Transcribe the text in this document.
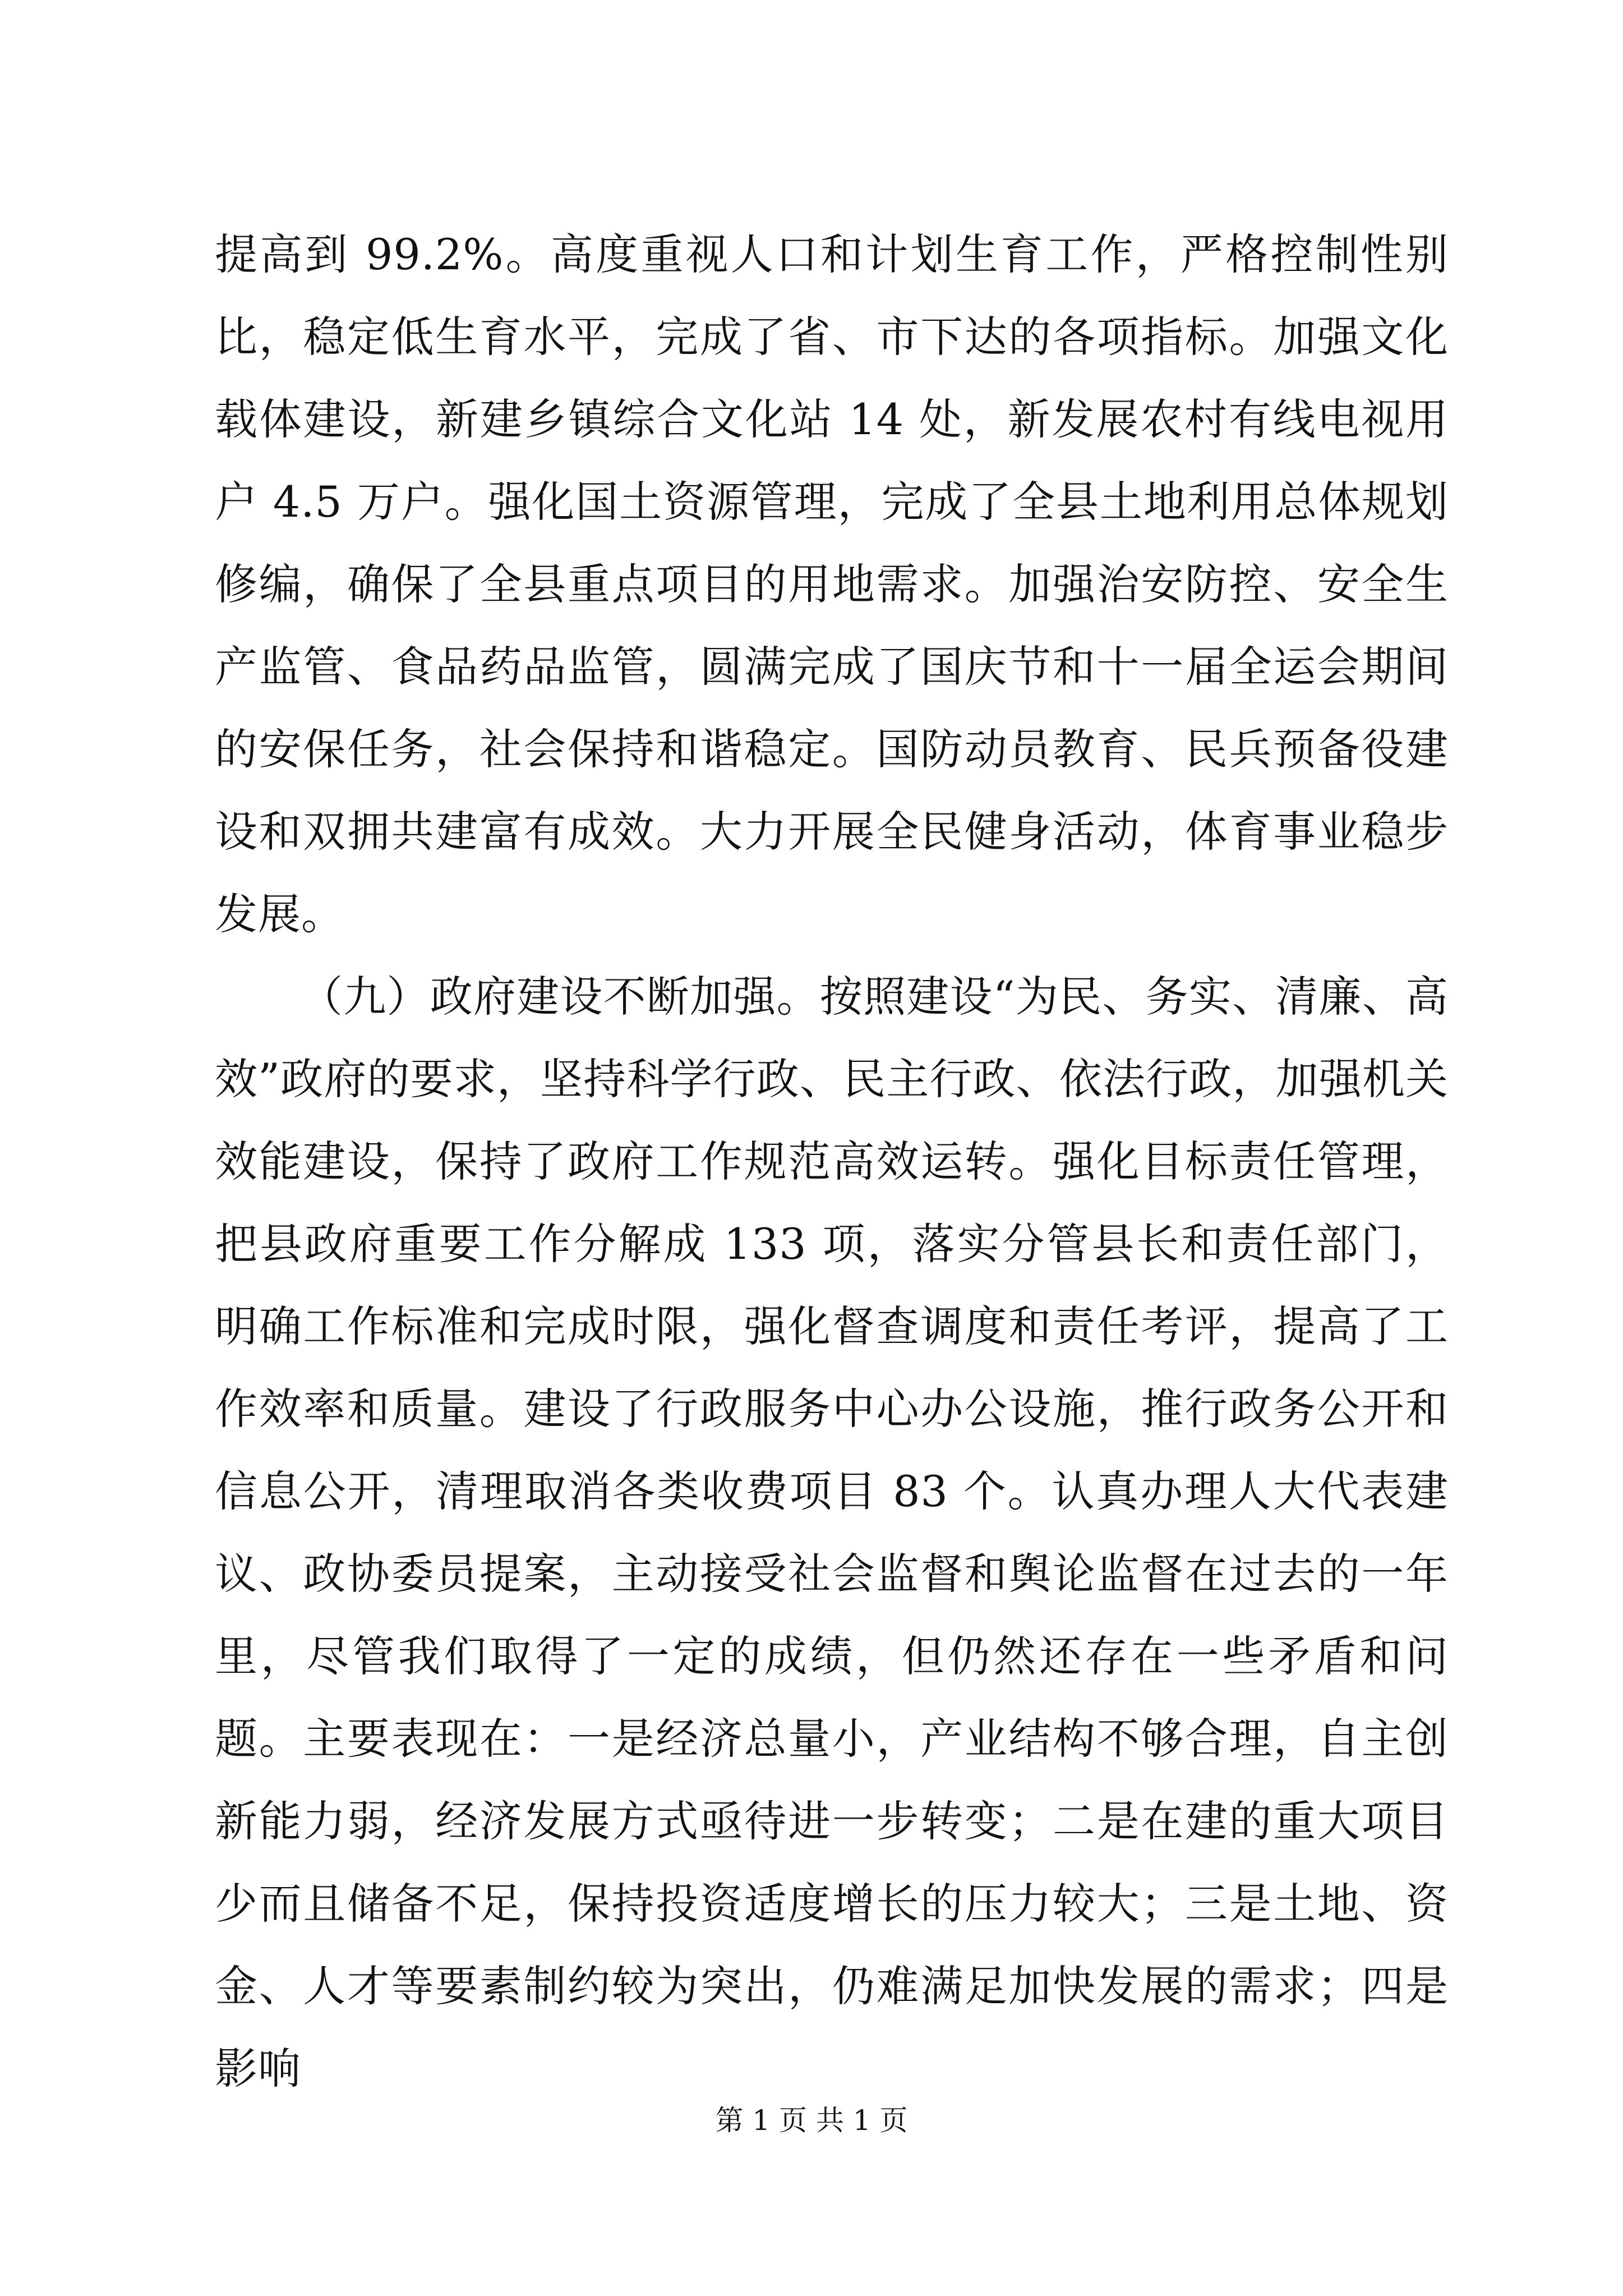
提高到 99.2%。高度重视人口和计划生育工作，严格控制性别比，稳定低生育水平，完成了省、市下达的各项指标。加强文化载体建设，新建乡镇综合文化站 14 处，新发展农村有线电视用户 4.5 万户。强化国土资源管理，完成了全县土地利用总体规划修编，确保了全县重点项目的用地需求。加强治安防控、安全生产监管、食品药品监管，圆满完成了国庆节和十一届全运会期间的安保任务，社会保持和谐稳定。国防动员教育、民兵预备役建设和双拥共建富有成效。大力开展全民健身活动，体育事业稳步发展。

（九）政府建设不断加强。按照建设“为民、务实、清廉、高效”政府的要求，坚持科学行政、民主行政、依法行政，加强机关效能建设，保持了政府工作规范高效运转。强化目标责任管理，把县政府重要工作分解成 133 项，落实分管县长和责任部门，明确工作标准和完成时限，强化督查调度和责任考评，提高了工作效率和质量。建设了行政服务中心办公设施，推行政务公开和信息公开，清理取消各类收费项目 83 个。认真办理人大代表建议、政协委员提案，主动接受社会监督和舆论监督在过去的一年里，尽管我们取得了一定的成绩，但仍然还存在一些矛盾和问题。主要表现在：一是经济总量小，产业结构不够合理，自主创新能力弱，经济发展方式亟待进一步转变；二是在建的重大项目少而且储备不足，保持投资适度增长的压力较大；三是土地、资金、人才等要素制约较为突出，仍难满足加快发展的需求；四是影响

第 1 页 共 1 页
